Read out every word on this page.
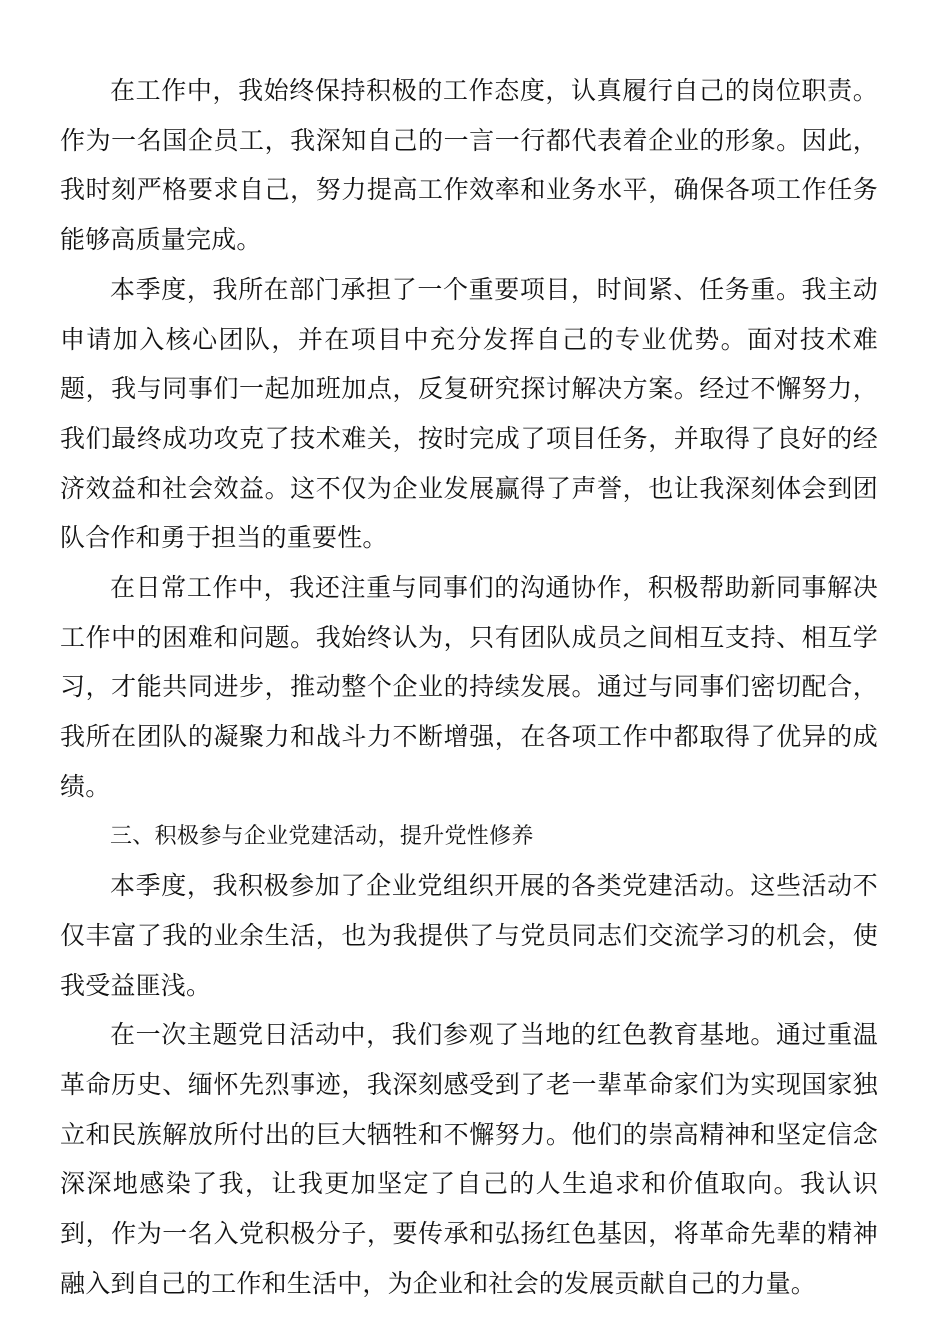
在工作中，我始终保持积极的工作态度，认真履行自己的岗位职责。作为一名国企员工，我深知自己的一言一行都代表着企业的形象。因此，我时刻严格要求自己，努力提高工作效率和业务水平，确保各项工作任务能够高质量完成。

本季度，我所在部门承担了一个重要项目，时间紧、任务重。我主动申请加入核心团队，并在项目中充分发挥自己的专业优势。面对技术难题，我与同事们一起加班加点，反复研究探讨解决方案。经过不懈努力，我们最终成功攻克了技术难关，按时完成了项目任务，并取得了良好的经济效益和社会效益。这不仅为企业发展赢得了声誉，也让我深刻体会到团队合作和勇于担当的重要性。

在日常工作中，我还注重与同事们的沟通协作，积极帮助新同事解决工作中的困难和问题。我始终认为，只有团队成员之间相互支持、相互学习，才能共同进步，推动整个企业的持续发展。通过与同事们密切配合，我所在团队的凝聚力和战斗力不断增强，在各项工作中都取得了优异的成绩。

三、积极参与企业党建活动，提升党性修养

本季度，我积极参加了企业党组织开展的各类党建活动。这些活动不仅丰富了我的业余生活，也为我提供了与党员同志们交流学习的机会，使我受益匪浅。

在一次主题党日活动中，我们参观了当地的红色教育基地。通过重温革命历史、缅怀先烈事迹，我深刻感受到了老一辈革命家们为实现国家独立和民族解放所付出的巨大牺牲和不懈努力。他们的崇高精神和坚定信念深深地感染了我，让我更加坚定了自己的人生追求和价值取向。我认识到，作为一名入党积极分子，要传承和弘扬红色基因，将革命先辈的精神融入到自己的工作和生活中，为企业和社会的发展贡献自己的力量。
